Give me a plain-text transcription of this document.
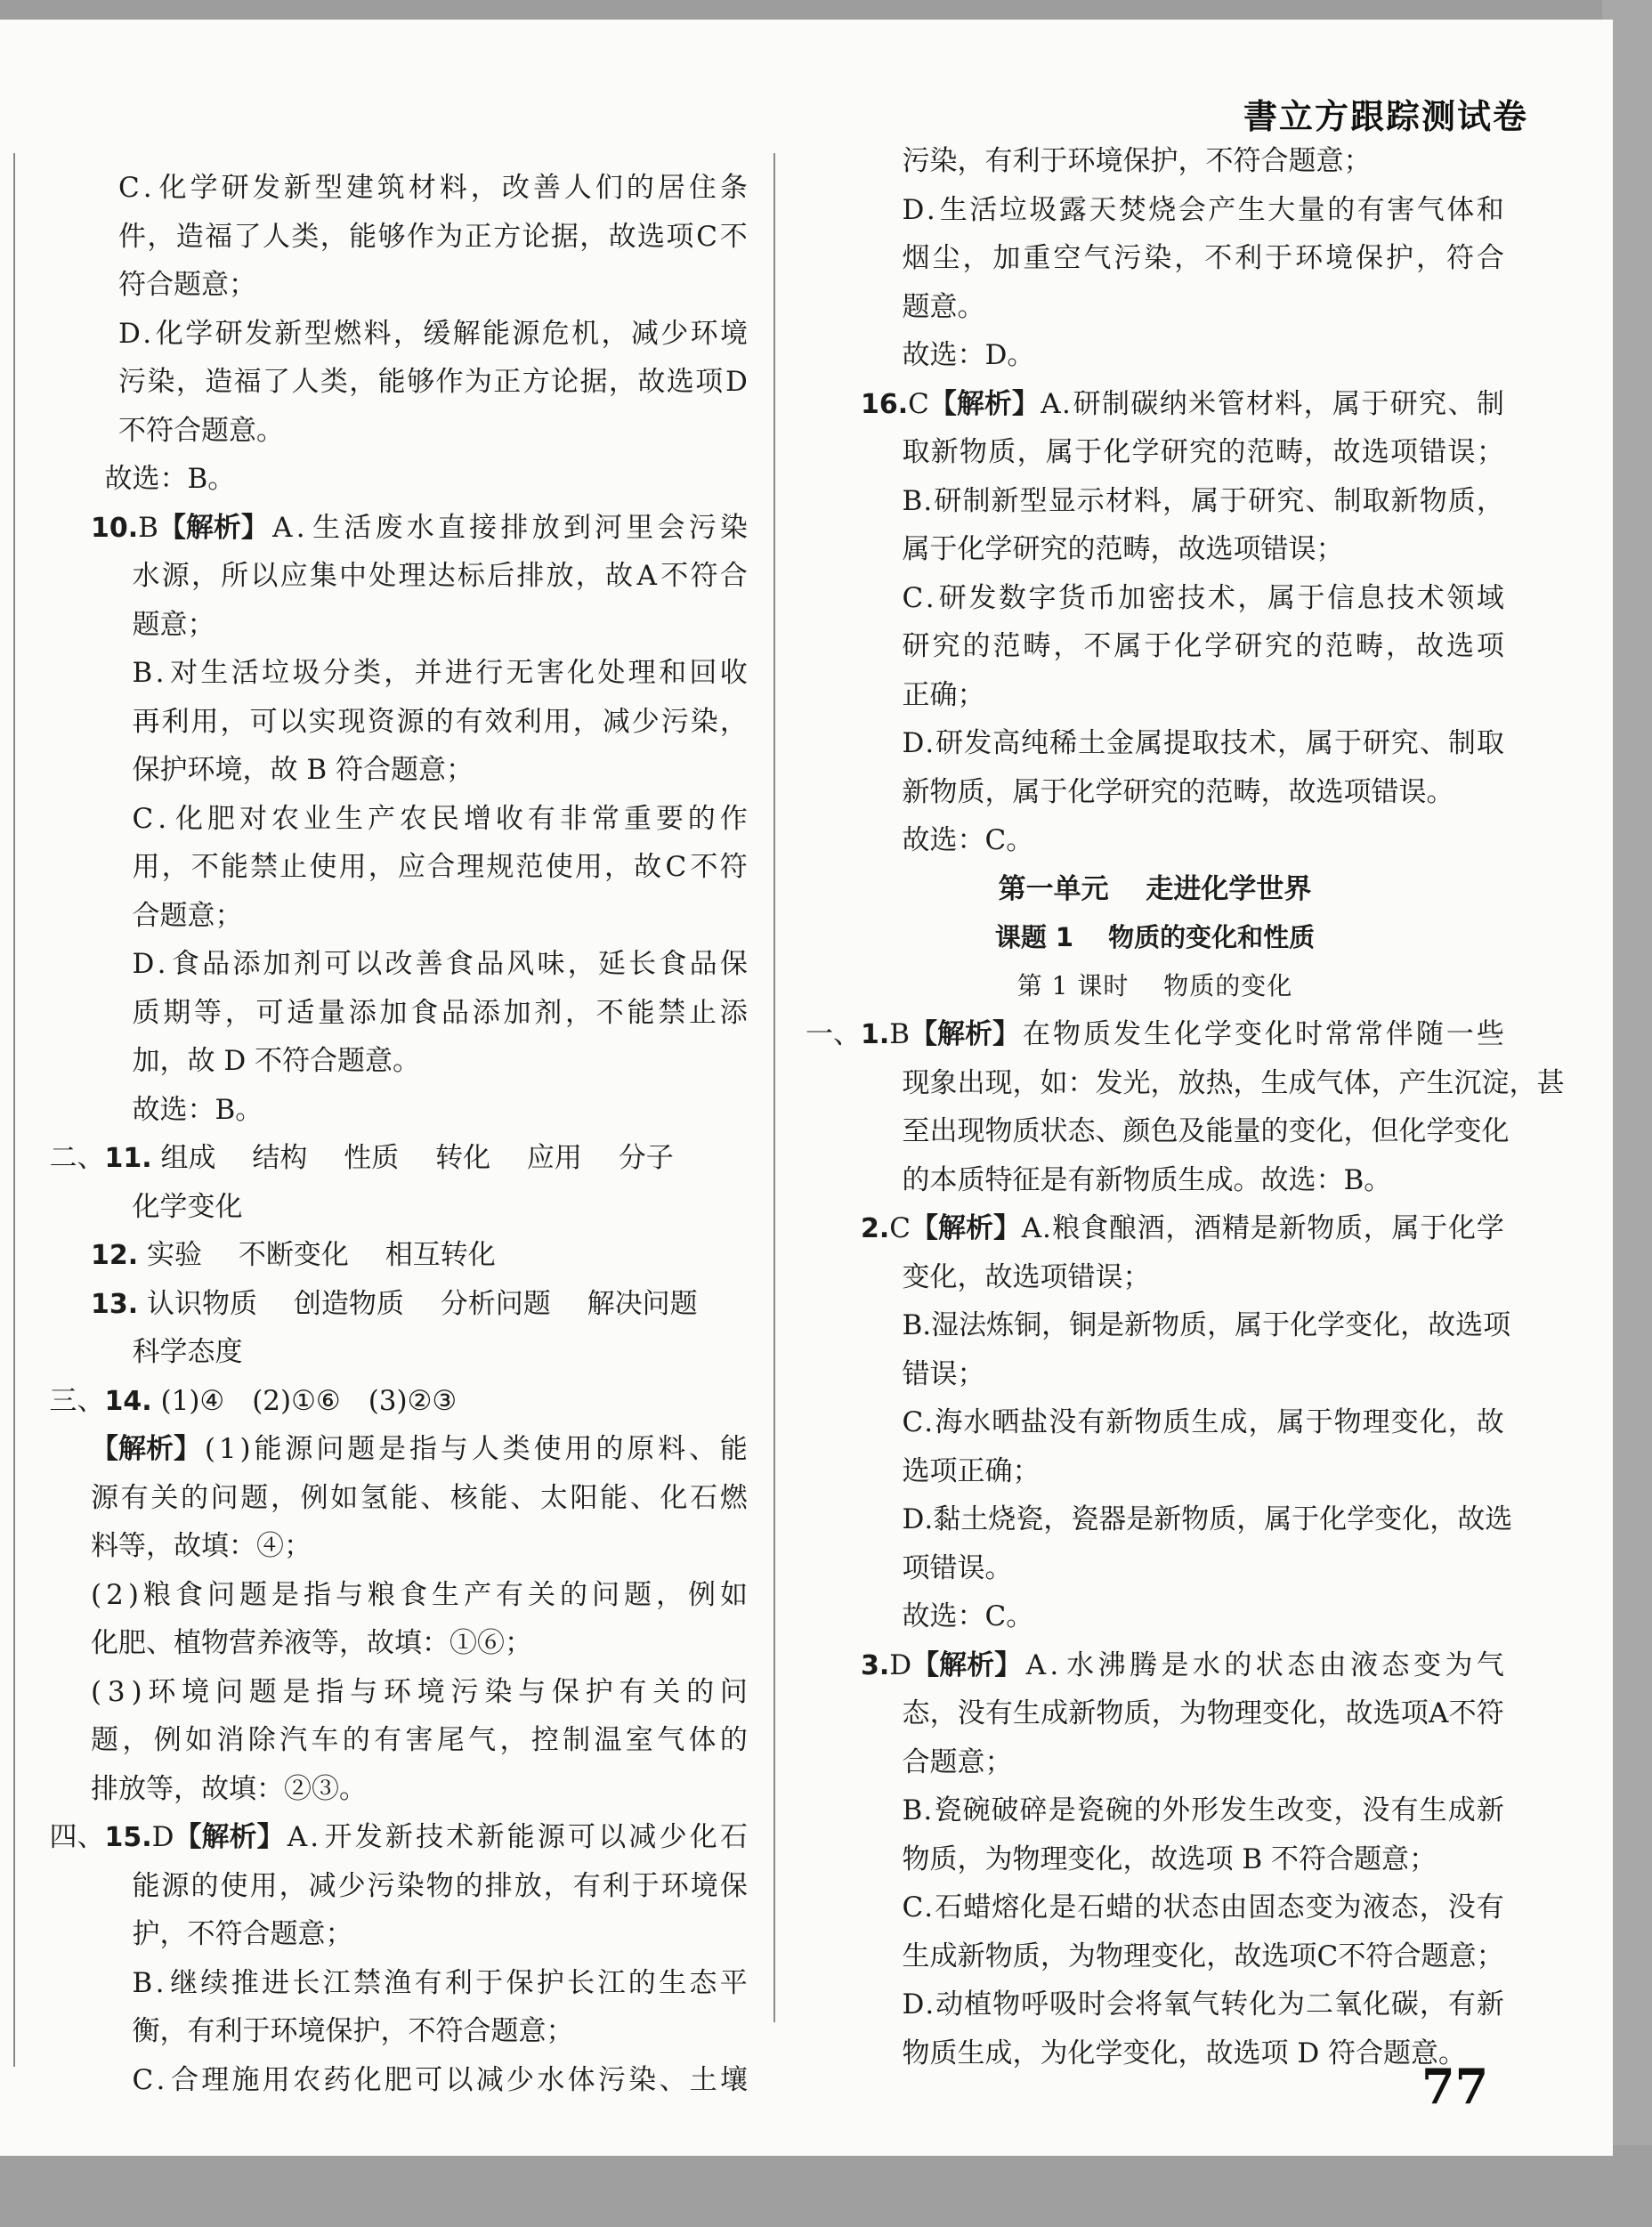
書立方跟踪测试卷
C . 化 学 研 发 新 型 建 筑 材 料 ， 改 善 人 们 的 居 住 条
件 ， 造 福 了 人 类 ， 能 够 作 为 正 方 论 据 ， 故 选 项 C 不
符合题意；
D . 化 学 研 发 新 型 燃 料 ， 缓 解 能 源 危 机 ， 减 少 环 境
污 染 ， 造 福 了 人 类 ， 能 够 作 为 正 方 论 据 ， 故 选 项 D
不符合题意。
故选：B。
10.B【解析】 A . 生 活 废 水 直 接 排 放 到 河 里 会 污 染
水 源 ， 所 以 应 集 中 处 理 达 标 后 排 放 ， 故 A 不 符 合
题意；
B . 对 生 活 垃 圾 分 类 ， 并 进 行 无 害 化 处 理 和 回 收
再 利 用 ， 可 以 实 现 资 源 的 有 效 利 用 ， 减 少 污 染 ，
保护环境，故 B 符合题意；
C . 化 肥 对 农 业 生 产 农 民 增 收 有 非 常 重 要 的 作
用 ， 不 能 禁 止 使 用 ， 应 合 理 规 范 使 用 ， 故 C 不 符
合题意；
D . 食 品 添 加 剂 可 以 改 善 食 品 风 味 ， 延 长 食 品 保
质 期 等 ， 可 适 量 添 加 食 品 添 加 剂 ， 不 能 禁 止 添
加，故 D 不符合题意。
故选：B。
二、11. 组成　 结构　 性质　 转化　 应用　 分子
化学变化
12. 实验　 不断变化　 相互转化
13. 认识物质　 创造物质　 分析问题　 解决问题
科学态度
三、14. (1)④　(2)①⑥　(3)②③
【解析】 ( 1 ) 能 源 问 题 是 指 与 人 类 使 用 的 原 料 、 能
源 有 关 的 问 题 ， 例 如 氢 能 、 核 能 、 太 阳 能 、 化 石 燃
料等，故填：④；
( 2 ) 粮 食 问 题 是 指 与 粮 食 生 产 有 关 的 问 题 ， 例 如
化肥、植物营养液等，故填：①⑥；
( 3 ) 环 境 问 题 是 指 与 环 境 污 染 与 保 护 有 关 的 问
题 ， 例 如 消 除 汽 车 的 有 害 尾 气 ， 控 制 温 室 气 体 的
排放等，故填：②③。
四、15.D【解析】 A . 开 发 新 技 术 新 能 源 可 以 减 少 化 石
能 源 的 使 用 ， 减 少 污 染 物 的 排 放 ， 有 利 于 环 境 保
护，不符合题意；
B . 继 续 推 进 长 江 禁 渔 有 利 于 保 护 长 江 的 生 态 平
衡，有利于环境保护，不符合题意；
C . 合 理 施 用 农 药 化 肥 可 以 减 少 水 体 污 染 、 土 壤
污染，有利于环境保护，不符合题意；
D . 生 活 垃 圾 露 天 焚 烧 会 产 生 大 量 的 有 害 气 体 和
烟 尘 ， 加 重 空 气 污 染 ， 不 利 于 环 境 保 护 ， 符 合
题意。
故选：D。
16.C【解析】 A . 研 制 碳 纳 米 管 材 料 ， 属 于 研 究 、 制
取 新 物 质 ， 属 于 化 学 研 究 的 范 畴 ， 故 选 项 错 误 ；
B . 研 制 新 型 显 示 材 料 ， 属 于 研 究 、 制 取 新 物 质 ，
属于化学研究的范畴，故选项错误；
C . 研 发 数 字 货 币 加 密 技 术 ， 属 于 信 息 技 术 领 域
研 究 的 范 畴 ， 不 属 于 化 学 研 究 的 范 畴 ， 故 选 项
正确；
D . 研 发 高 纯 稀 土 金 属 提 取 技 术 ， 属 于 研 究 、 制 取
新物质，属于化学研究的范畴，故选项错误。
故选：C。
第一单元　 走进化学世界
课题 1　 物质的变化和性质
第 1 课时　 物质的变化
一、1.B【解析】 在 物 质 发 生 化 学 变 化 时 常 常 伴 随 一 些
现 象 出 现 ， 如 ： 发 光 ， 放 热 ， 生 成 气 体 ， 产 生 沉 淀 ， 甚
至 出 现 物 质 状 态 、 颜 色 及 能 量 的 变 化 ， 但 化 学 变 化
的本质特征是有新物质生成。故选：B。
2.C【解析】 A . 粮 食 酿 酒 ， 酒 精 是 新 物 质 ， 属 于 化 学
变化，故选项错误；
B . 湿 法 炼 铜 ， 铜 是 新 物 质 ， 属 于 化 学 变 化 ， 故 选 项
错误；
C . 海 水 晒 盐 没 有 新 物 质 生 成 ， 属 于 物 理 变 化 ， 故
选项正确；
D . 黏 土 烧 瓷 ， 瓷 器 是 新 物 质 ， 属 于 化 学 变 化 ， 故 选
项错误。
故选：C。
3.D【解析】 A . 水 沸 腾 是 水 的 状 态 由 液 态 变 为 气
态 ， 没 有 生 成 新 物 质 ， 为 物 理 变 化 ， 故 选 项 A 不 符
合题意；
B . 瓷 碗 破 碎 是 瓷 碗 的 外 形 发 生 改 变 ， 没 有 生 成 新
物质，为物理变化，故选项 B 不符合题意；
C . 石 蜡 熔 化 是 石 蜡 的 状 态 由 固 态 变 为 液 态 ， 没 有
生 成 新 物 质 ， 为 物 理 变 化 ， 故 选 项 C 不 符 合 题 意 ；
D . 动 植 物 呼 吸 时 会 将 氧 气 转 化 为 二 氧 化 碳 ， 有 新
物质生成，为化学变化，故选项 D 符合题意。
77
